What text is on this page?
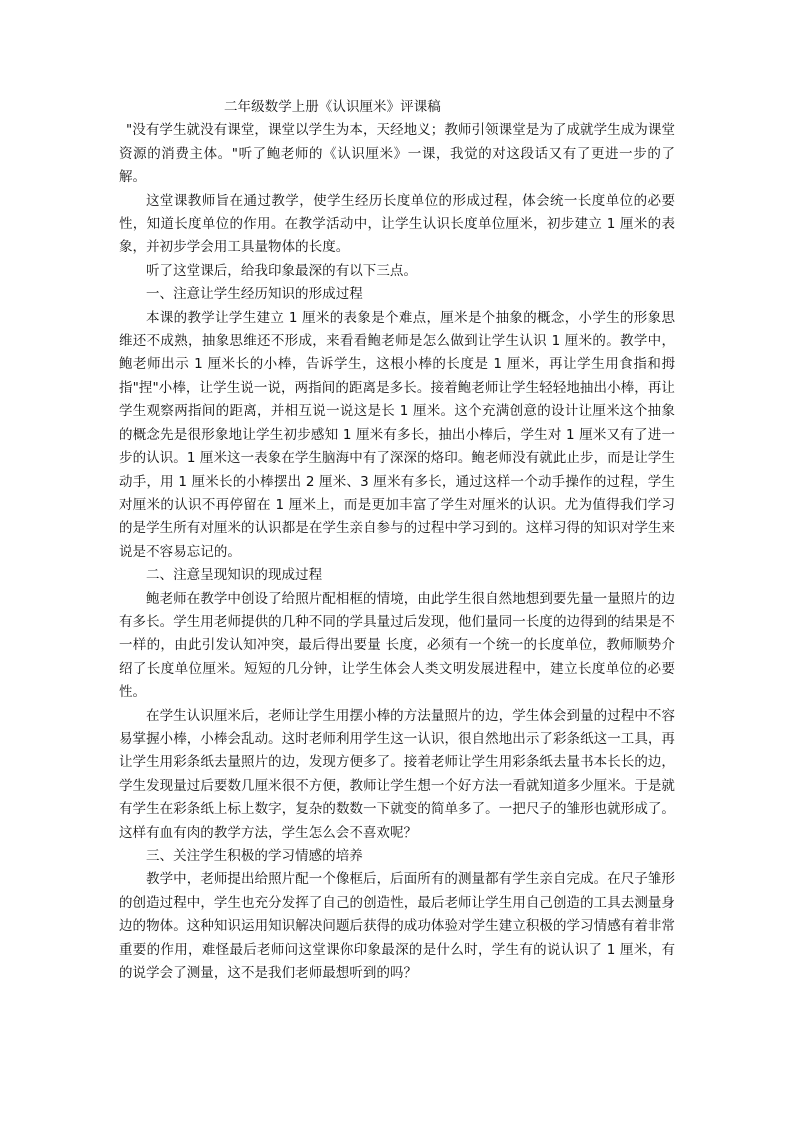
二年级数学上册《认识厘米》评课稿

"没有学生就没有课堂，课堂以学生为本，天经地义；教师引领课堂是为了成就学生成为课堂资源的消费主体。"听了鲍老师的《认识厘米》一课，我觉的对这段话又有了更进一步的了解。

这堂课教师旨在通过教学，使学生经历长度单位的形成过程，体会统一长度单位的必要性，知道长度单位的作用。在教学活动中，让学生认识长度单位厘米，初步建立 1 厘米的表象，并初步学会用工具量物体的长度。

听了这堂课后，给我印象最深的有以下三点。

一、注意让学生经历知识的形成过程

本课的教学让学生建立 1 厘米的表象是个难点，厘米是个抽象的概念，小学生的形象思维还不成熟，抽象思维还不形成，来看看鲍老师是怎么做到让学生认识 1 厘米的。教学中，鲍老师出示 1 厘米长的小棒，告诉学生，这根小棒的长度是 1 厘米，再让学生用食指和拇指"捏"小棒，让学生说一说，两指间的距离是多长。接着鲍老师让学生轻轻地抽出小棒，再让学生观察两指间的距离，并相互说一说这是长 1 厘米。这个充满创意的设计让厘米这个抽象的概念先是很形象地让学生初步感知 1 厘米有多长，抽出小棒后，学生对 1 厘米又有了进一步的认识。1 厘米这一表象在学生脑海中有了深深的烙印。鲍老师没有就此止步，而是让学生动手，用 1 厘米长的小棒摆出 2 厘米、3 厘米有多长，通过这样一个动手操作的过程，学生对厘米的认识不再停留在 1 厘米上，而是更加丰富了学生对厘米的认识。尤为值得我们学习的是学生所有对厘米的认识都是在学生亲自参与的过程中学习到的。这样习得的知识对学生来说是不容易忘记的。

二、注意呈现知识的现成过程

鲍老师在教学中创设了给照片配相框的情境，由此学生很自然地想到要先量一量照片的边有多长。学生用老师提供的几种不同的学具量过后发现，他们量同一长度的边得到的结果是不一样的，由此引发认知冲突，最后得出要量 长度，必须有一个统一的长度单位，教师顺势介绍了长度单位厘米。短短的几分钟，让学生体会人类文明发展进程中，建立长度单位的必要性。

在学生认识厘米后，老师让学生用摆小棒的方法量照片的边，学生体会到量的过程中不容易掌握小棒，小棒会乱动。这时老师利用学生这一认识，很自然地出示了彩条纸这一工具，再让学生用彩条纸去量照片的边，发现方便多了。接着老师让学生用彩条纸去量书本长长的边，学生发现量过后要数几厘米很不方便，教师让学生想一个好方法一看就知道多少厘米。于是就有学生在彩条纸上标上数字，复杂的数数一下就变的简单多了。一把尺子的雏形也就形成了。这样有血有肉的教学方法，学生怎么会不喜欢呢？

三、关注学生积极的学习情感的培养

教学中，老师提出给照片配一个像框后，后面所有的测量都有学生亲自完成。在尺子雏形的创造过程中，学生也充分发挥了自己的创造性，最后老师让学生用自己创造的工具去测量身边的物体。这种知识运用知识解决问题后获得的成功体验对学生建立积极的学习情感有着非常重要的作用，难怪最后老师问这堂课你印象最深的是什么时，学生有的说认识了 1 厘米，有的说学会了测量，这不是我们老师最想听到的吗？
